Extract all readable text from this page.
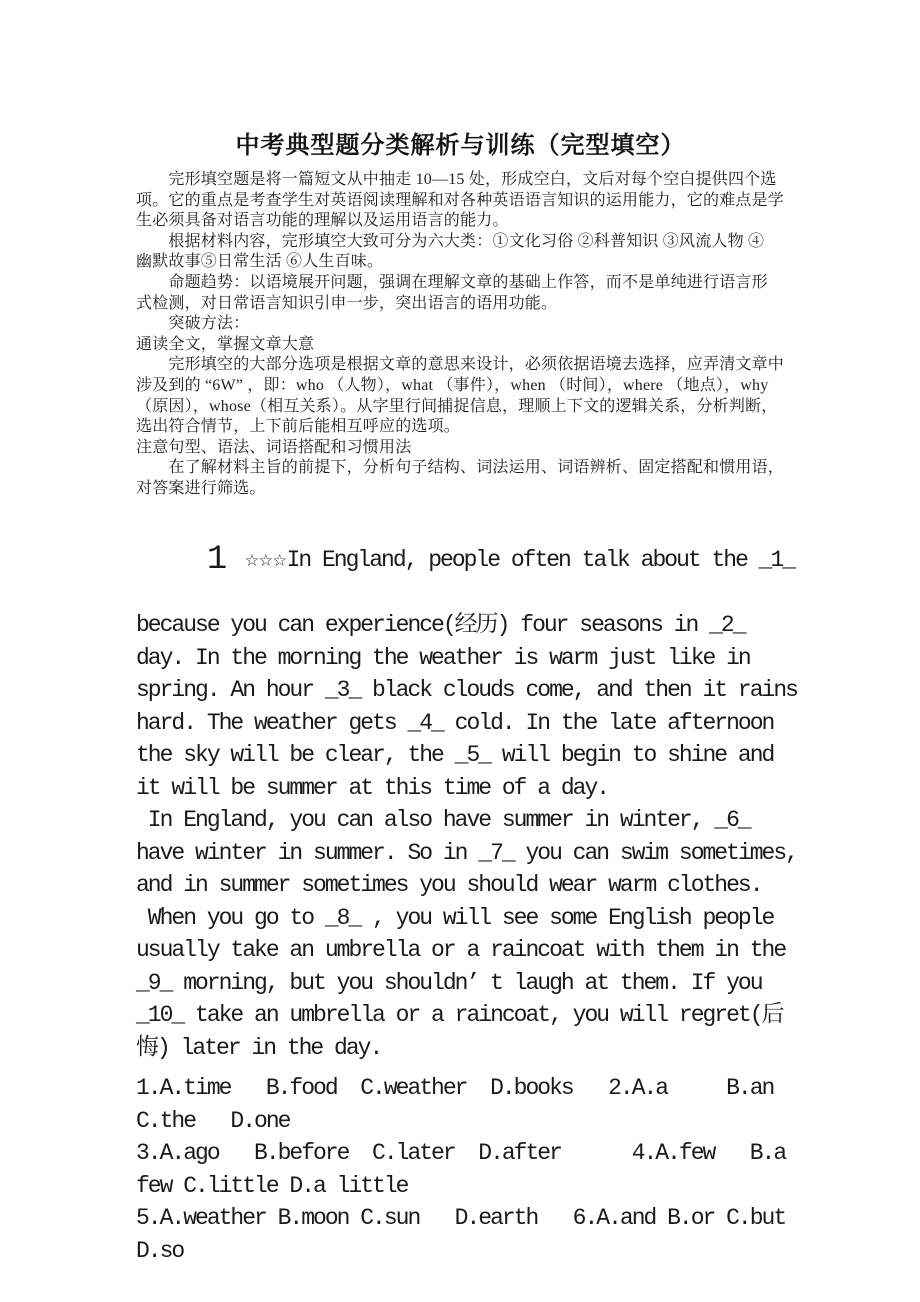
中考典型题分类解析与训练（完型填空）
　　完形填空题是将一篇短文从中抽走 10—15 处，形成空白，文后对每个空白提供四个选
项。它的重点是考查学生对英语阅读理解和对各种英语语言知识的运用能力，它的难点是学
生必须具备对语言功能的理解以及运用语言的能力。
　　根据材料内容，完形填空大致可分为六大类：①文化习俗 ②科普知识 ③风流人物 ④
幽默故事⑤日常生活 ⑥人生百味。
　　命题趋势：以语境展开问题，强调在理解文章的基础上作答，而不是单纯进行语言形
式检测，对日常语言知识引申一步，突出语言的语用功能。
　　突破方法：
通读全文，掌握文章大意
　　完形填空的大部分选项是根据文章的意思来设计，必须依据语境去选择，应弄清文章中
涉及到的 “6W” ，即：who （人物），what （事件），when （时间），where （地点），why
（原因），whose（相互关系）。从字里行间捕捉信息，理顺上下文的逻辑关系，分析判断，
选出符合情节，上下前后能相互呼应的选项。
注意句型、语法、词语搭配和习惯用法
　　在了解材料主旨的前提下，分析句子结构、词法运用、词语辨析、固定搭配和惯用语，
对答案进行筛选。

1 ☆☆☆In England, people often talk about the _1_

because you can experience(经历) four seasons in _2_
day. In the morning the weather is warm just like in
spring. An hour _3_ black clouds come, and then it rains
hard. The weather gets _4_ cold. In the late afternoon
the sky will be clear, the _5_ will begin to shine and
it will be summer at this time of a day.
In England, you can also have summer in winter, _6_
have winter in summer. So in _7_ you can swim sometimes,
and in summer sometimes you should wear warm clothes.
When you go to _8_ , you will see some English people
usually take an umbrella or a raincoat with them in the
_9_ morning, but you shouldn’ t laugh at them. If you
_10_ take an umbrella or a raincoat, you will regret(后
悔) later in the day.
1.A.time   B.food  C.weather  D.books   2.A.a     B.an
C.the   D.one
3.A.ago   B.before  C.later  D.after      4.A.few   B.a
few C.little D.a little
5.A.weather B.moon C.sun   D.earth   6.A.and B.or C.but
D.so
